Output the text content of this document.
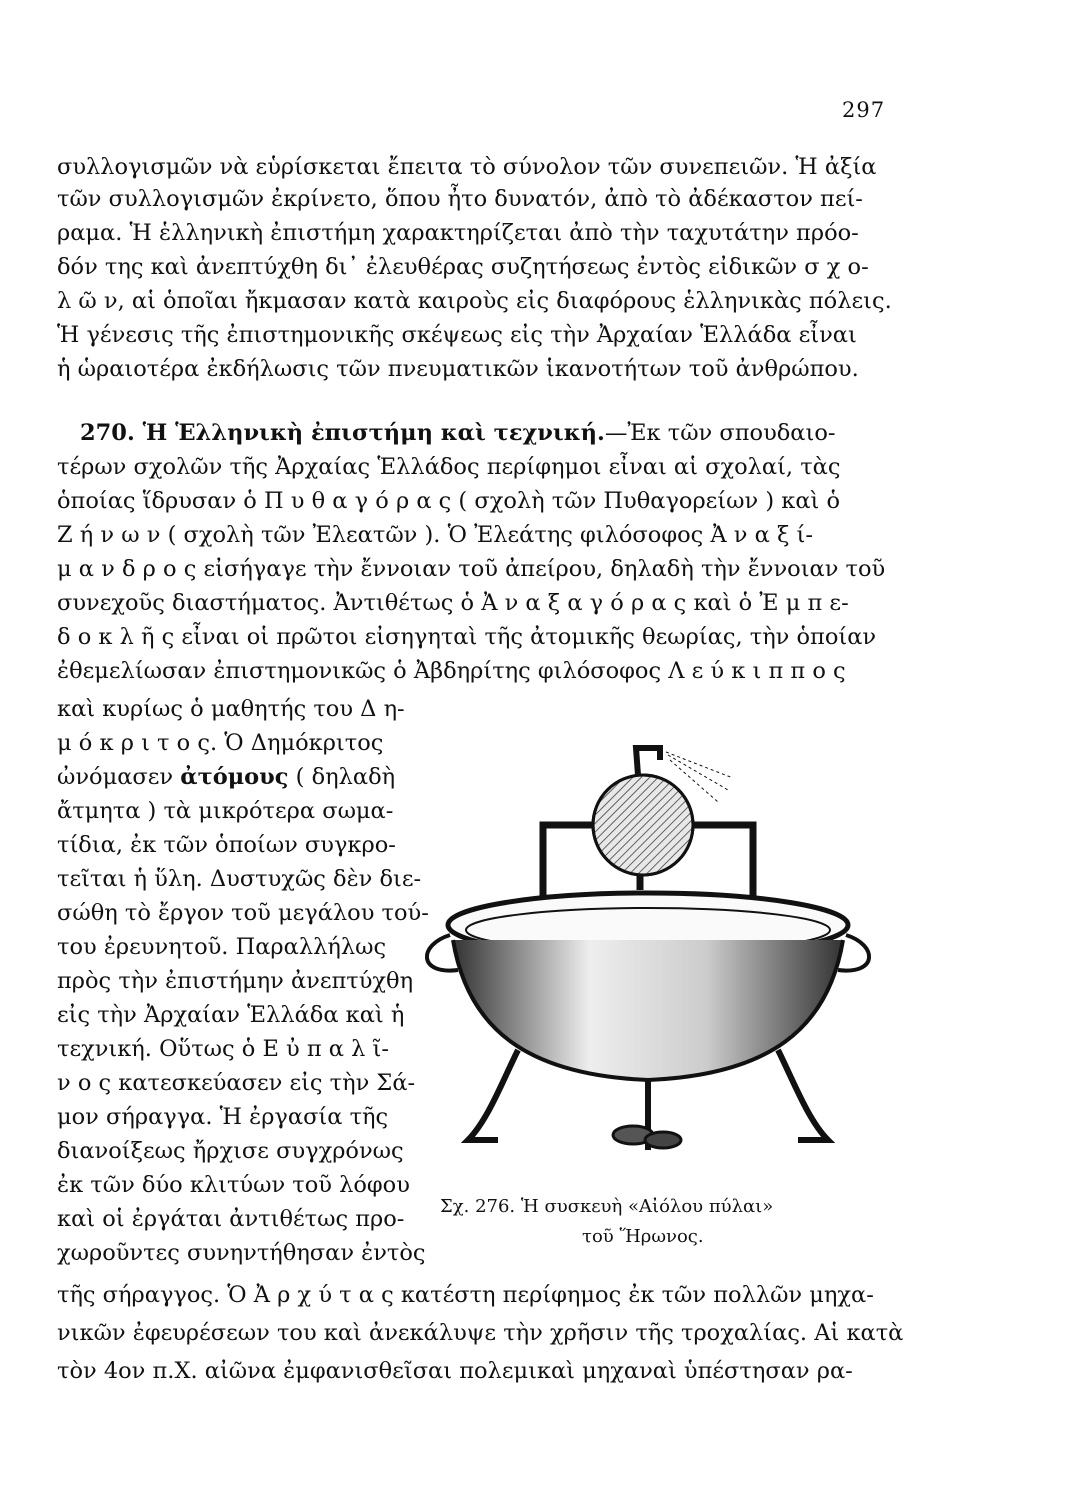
297
συλλογισμῶν νὰ εὑρίσκεται ἔπειτα τὸ σύνολον τῶν συνεπειῶν. Ἡ ἀξία
τῶν συλλογισμῶν ἐκρίνετο, ὅπου ἦτο δυνατόν, ἀπὸ τὸ ἀδέκαστον πεί-
ραμα. Ἡ ἑλληνικὴ ἐπιστήμη χαρακτηρίζεται ἀπὸ τὴν ταχυτάτην πρόο-
δόν της καὶ ἀνεπτύχθη δι᾽ ἐλευθέρας συζητήσεως ἐντὸς εἰδικῶν σ χ ο-
λ ῶ ν, αἱ ὁποῖαι ἤκμασαν κατὰ καιροὺς εἰς διαφόρους ἑλληνικὰς πόλεις.
Ἡ γένεσις τῆς ἐπιστημονικῆς σκέψεως εἰς τὴν Ἀρχαίαν Ἑλλάδα εἶναι
ἡ ὡραιοτέρα ἐκδήλωσις τῶν πνευματικῶν ἱκανοτήτων τοῦ ἀνθρώπου.
270. Ἡ Ἑλληνικὴ ἐπιστήμη καὶ τεχνική.—Ἐκ τῶν σπουδαιο-
τέρων σχολῶν τῆς Ἀρχαίας Ἑλλάδος περίφημοι εἶναι αἱ σχολαί, τὰς
ὁποίας ἵδρυσαν ὁ Π υ θ α γ ό ρ α ς ( σχολὴ τῶν Πυθαγορείων ) καὶ ὁ
Ζ ή ν ω ν ( σχολὴ τῶν Ἐλεατῶν ). Ὁ Ἐλεάτης φιλόσοφος Ἀ ν α ξ ί-
μ α ν δ ρ ο ς εἰσήγαγε τὴν ἔννοιαν τοῦ ἀπείρου, δηλαδὴ τὴν ἔννοιαν τοῦ
συνεχοῦς διαστήματος. Ἀντιθέτως ὁ Ἀ ν α ξ α γ ό ρ α ς καὶ ὁ Ἐ μ π ε-
δ ο κ λ ῆ ς εἶναι οἱ πρῶτοι εἰσηγηταὶ τῆς ἀτομικῆς θεωρίας, τὴν ὁποίαν
ἐθεμελίωσαν ἐπιστημονικῶς ὁ Ἀβδηρίτης φιλόσοφος Λ ε ύ κ ι π π ο ς
καὶ κυρίως ὁ μαθητής του Δ η-
μ ό κ ρ ι τ ο ς. Ὁ Δημόκριτος
ὠνόμασεν ἀτόμους ( δηλαδὴ
ἄτμητα ) τὰ μικρότερα σωμα-
τίδια, ἐκ τῶν ὁποίων συγκρο-
τεῖται ἡ ὕλη. Δυστυχῶς δὲν διε-
σώθη τὸ ἔργον τοῦ μεγάλου τού-
του ἐρευνητοῦ. Παραλλήλως
πρὸς τὴν ἐπιστήμην ἀνεπτύχθη
εἰς τὴν Ἀρχαίαν Ἑλλάδα καὶ ἡ
τεχνική. Οὕτως ὁ Ε ὐ π α λ ῖ-
ν ο ς κατεσκεύασεν εἰς τὴν Σά-
μον σήραγγα. Ἡ ἐργασία τῆς
διανοίξεως ἤρχισε συγχρόνως
ἐκ τῶν δύο κλιτύων τοῦ λόφου
καὶ οἱ ἐργάται ἀντιθέτως προ-
χωροῦντες συνηντήθησαν ἐντὸς
τῆς σήραγγος. Ὁ Ἀ ρ χ ύ τ α ς κατέστη περίφημος ἐκ τῶν πολλῶν μηχα-
νικῶν ἐφευρέσεων του καὶ ἀνεκάλυψε τὴν χρῆσιν τῆς τροχαλίας. Αἱ κατὰ
τὸν 4ον π.Χ. αἰῶνα ἐμφανισθεῖσαι πολεμικαὶ μηχαναὶ ὑπέστησαν ρα-
Σχ. 276. Ἡ συσκευὴ «Αἰόλου πύλαι»
τοῦ Ἥρωνος.
